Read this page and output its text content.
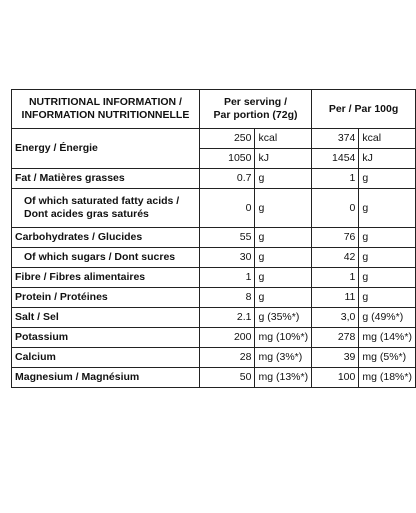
NUTRITIONAL INFORMATION /
INFORMATION NUTRITIONNELLE	Per serving /
Par portion (72g)		Per / Par 100g	
Energy / Énergie	250	kcal	374	kcal
	1050	kJ	1454	kJ
Fat / Matières grasses	0.7	g	1	g

Of which saturated fatty acids /
Dont acides gras saturés	0	g	0	g
Carbohydrates / Glucides	55	g	76	g
Of which sugars / Dont sucres	30	g	42	g
Fibre / Fibres alimentaires	1	g	1	g
Protein / Protéines	8	g	11	g
Salt / Sel	2.1	g (35%*)	3,0	g (49%*)
Potassium	200	mg (10%*)	278	mg (14%*)
Calcium	28	mg (3%*)	39	mg (5%*)
Magnesium / Magnésium	50	mg (13%*)	100	mg (18%*)
